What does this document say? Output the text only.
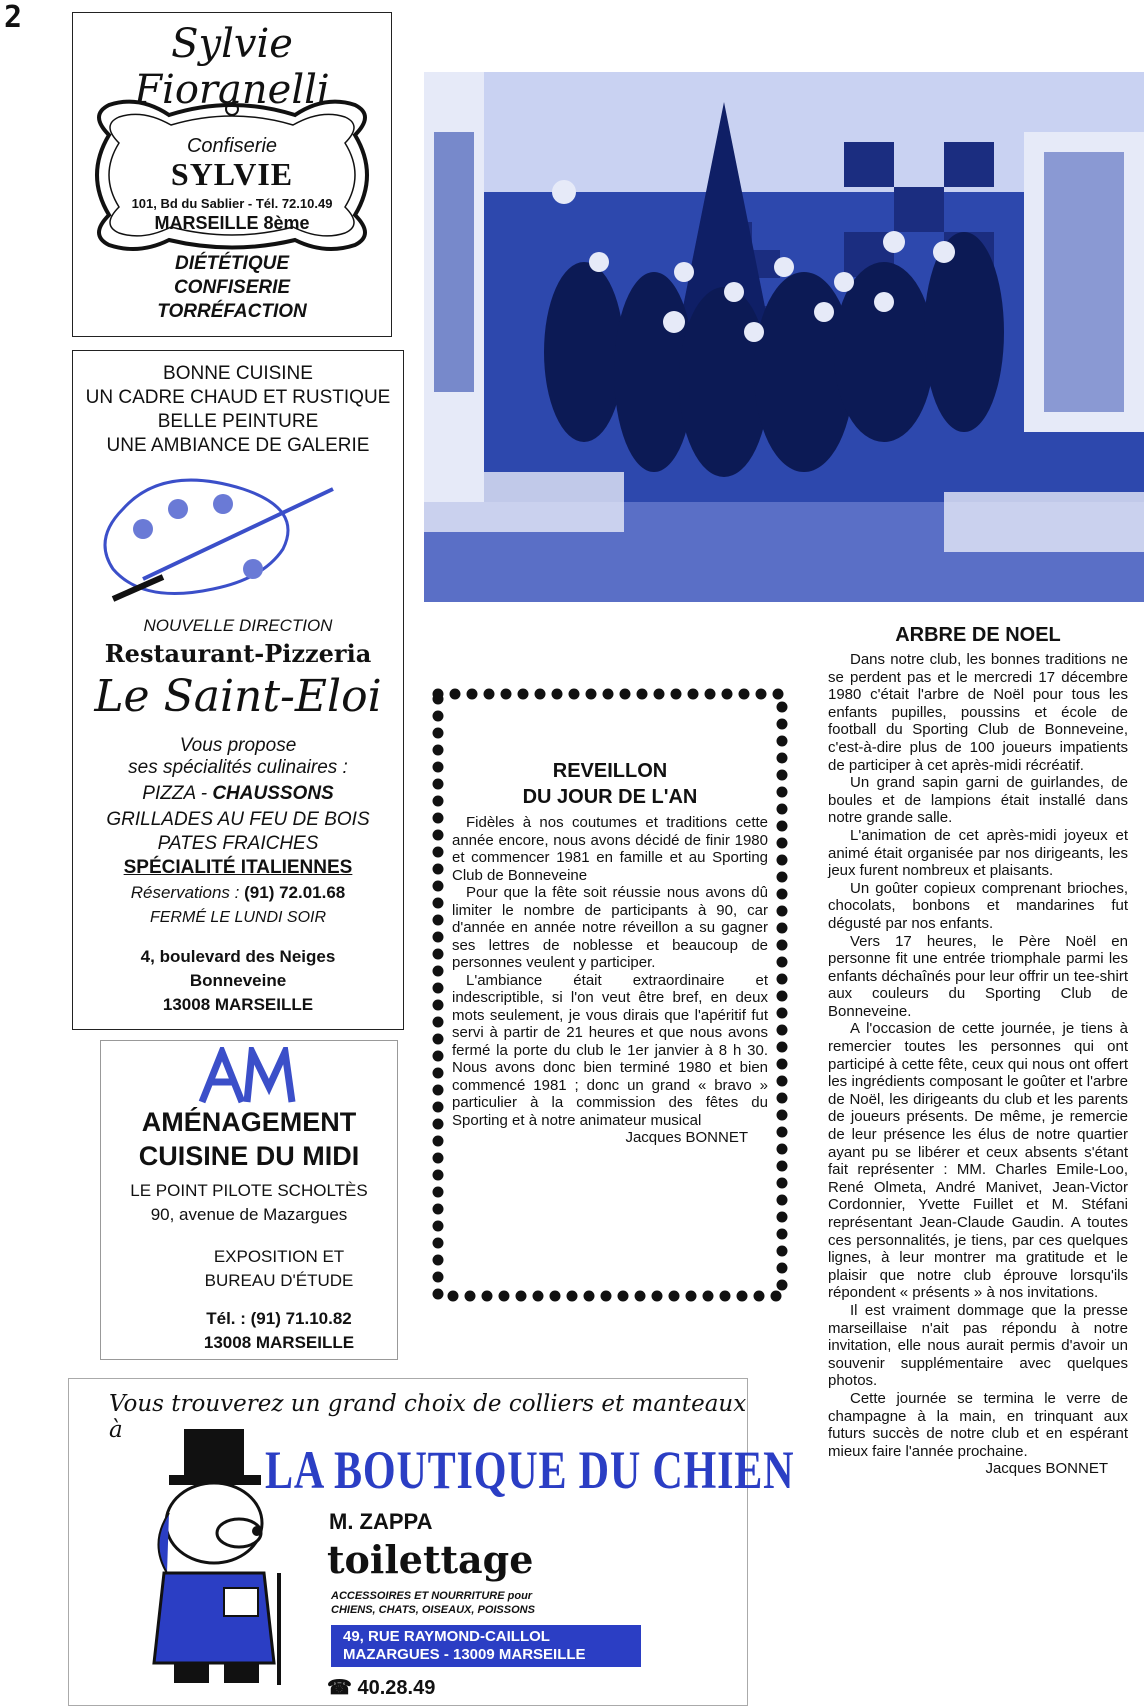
2
Sylvie Fioranelli
Confiserie
SYLVIE
101, Bd du Sablier - Tél. 72.10.49
MARSEILLE 8ème
DIÉTÉTIQUE
CONFISERIE
TORRÉFACTION
BONNE CUISINE
UN CADRE CHAUD ET RUSTIQUE
BELLE PEINTURE
UNE AMBIANCE DE GALERIE
NOUVELLE DIRECTION
Restaurant-Pizzeria
Le Saint-Eloi
Vous propose
ses spécialités culinaires :
PIZZA - CHAUSSONS
GRILLADES AU FEU DE BOIS
PATES FRAICHES
SPÉCIALITÉ ITALIENNES
Réservations : (91) 72.01.68
FERMÉ LE LUNDI SOIR
4, boulevard des Neiges
Bonneveine
13008 MARSEILLE
AMÉNAGEMENT
CUISINE DU MIDI
LE POINT PILOTE SCHOLTÈS
90, avenue de Mazargues
EXPOSITION ET
BUREAU D'ÉTUDE
Tél. : (91) 71.10.82
13008 MARSEILLE
Vous trouverez un grand choix de colliers et manteaux à
LA BOUTIQUE DU CHIEN
M. ZAPPA
toilettage
ACCESSOIRES ET NOURRITURE pour
CHIENS, CHATS, OISEAUX, POISSONS
49, RUE RAYMOND-CAILLOL
MAZARGUES - 13009 MARSEILLE
☎ 40.28.49
REVEILLON
DU JOUR DE L'AN

Fidèles à nos coutumes et traditions cette année encore, nous avons décidé de finir 1980 et commencer 1981 en famille et au Sporting Club de Bonneveine

Pour que la fête soit réussie nous avons dû limiter le nombre de participants à 90, car d'année en année notre réveillon a su gagner ses lettres de noblesse et beaucoup de personnes veulent y participer.

L'ambiance était extraordinaire et indescriptible, si l'on veut être bref, en deux mots seulement, je vous dirais que l'apéritif fut servi à partir de 21 heures et que nous avons fermé la porte du club le 1er janvier à 8 h 30. Nous avons donc bien terminé 1980 et bien commencé 1981 ; donc un grand « bravo » particulier à la commission des fêtes du Sporting et à notre animateur musical

Jacques BONNET
ARBRE DE NOEL

Dans notre club, les bonnes traditions ne se perdent pas et le mercredi 17 décembre 1980 c'était l'arbre de Noël pour tous les enfants pupilles, poussins et école de football du Sporting Club de Bonneveine, c'est-à-dire plus de 100 joueurs impatients de participer à cet après-midi récréatif.

Un grand sapin garni de guirlandes, de boules et de lampions était installé dans notre grande salle.

L'animation de cet après-midi joyeux et animé était organisée par nos dirigeants, les jeux furent nombreux et plaisants.

Un goûter copieux comprenant brioches, chocolats, bonbons et mandarines fut dégusté par nos enfants.

Vers 17 heures, le Père Noël en personne fit une entrée triomphale parmi les enfants déchaînés pour leur offrir un tee-shirt aux couleurs du Sporting Club de Bonneveine.

A l'occasion de cette journée, je tiens à remercier toutes les personnes qui ont participé à cette fête, ceux qui nous ont offert les ingrédients composant le goûter et l'arbre de Noël, les dirigeants du club et les parents de joueurs présents. De même, je remercie de leur présence les élus de notre quartier ayant pu se libérer et ceux absents s'étant fait représenter : MM. Charles Emile-Loo, René Olmeta, André Manivet, Jean-Victor Cordonnier, Yvette Fuillet et M. Stéfani représentant Jean-Claude Gaudin. A toutes ces personnalités, je tiens, par ces quelques lignes, à leur montrer ma gratitude et le plaisir que notre club éprouve lorsqu'ils répondent « présents » à nos invitations.

Il est vraiment dommage que la presse marseillaise n'ait pas répondu à notre invitation, elle nous aurait permis d'avoir un souvenir supplémentaire avec quelques photos.

Cette journée se termina le verre de champagne à la main, en trinquant aux futurs succès de notre club et en espérant mieux faire l'année prochaine.

Jacques BONNET
